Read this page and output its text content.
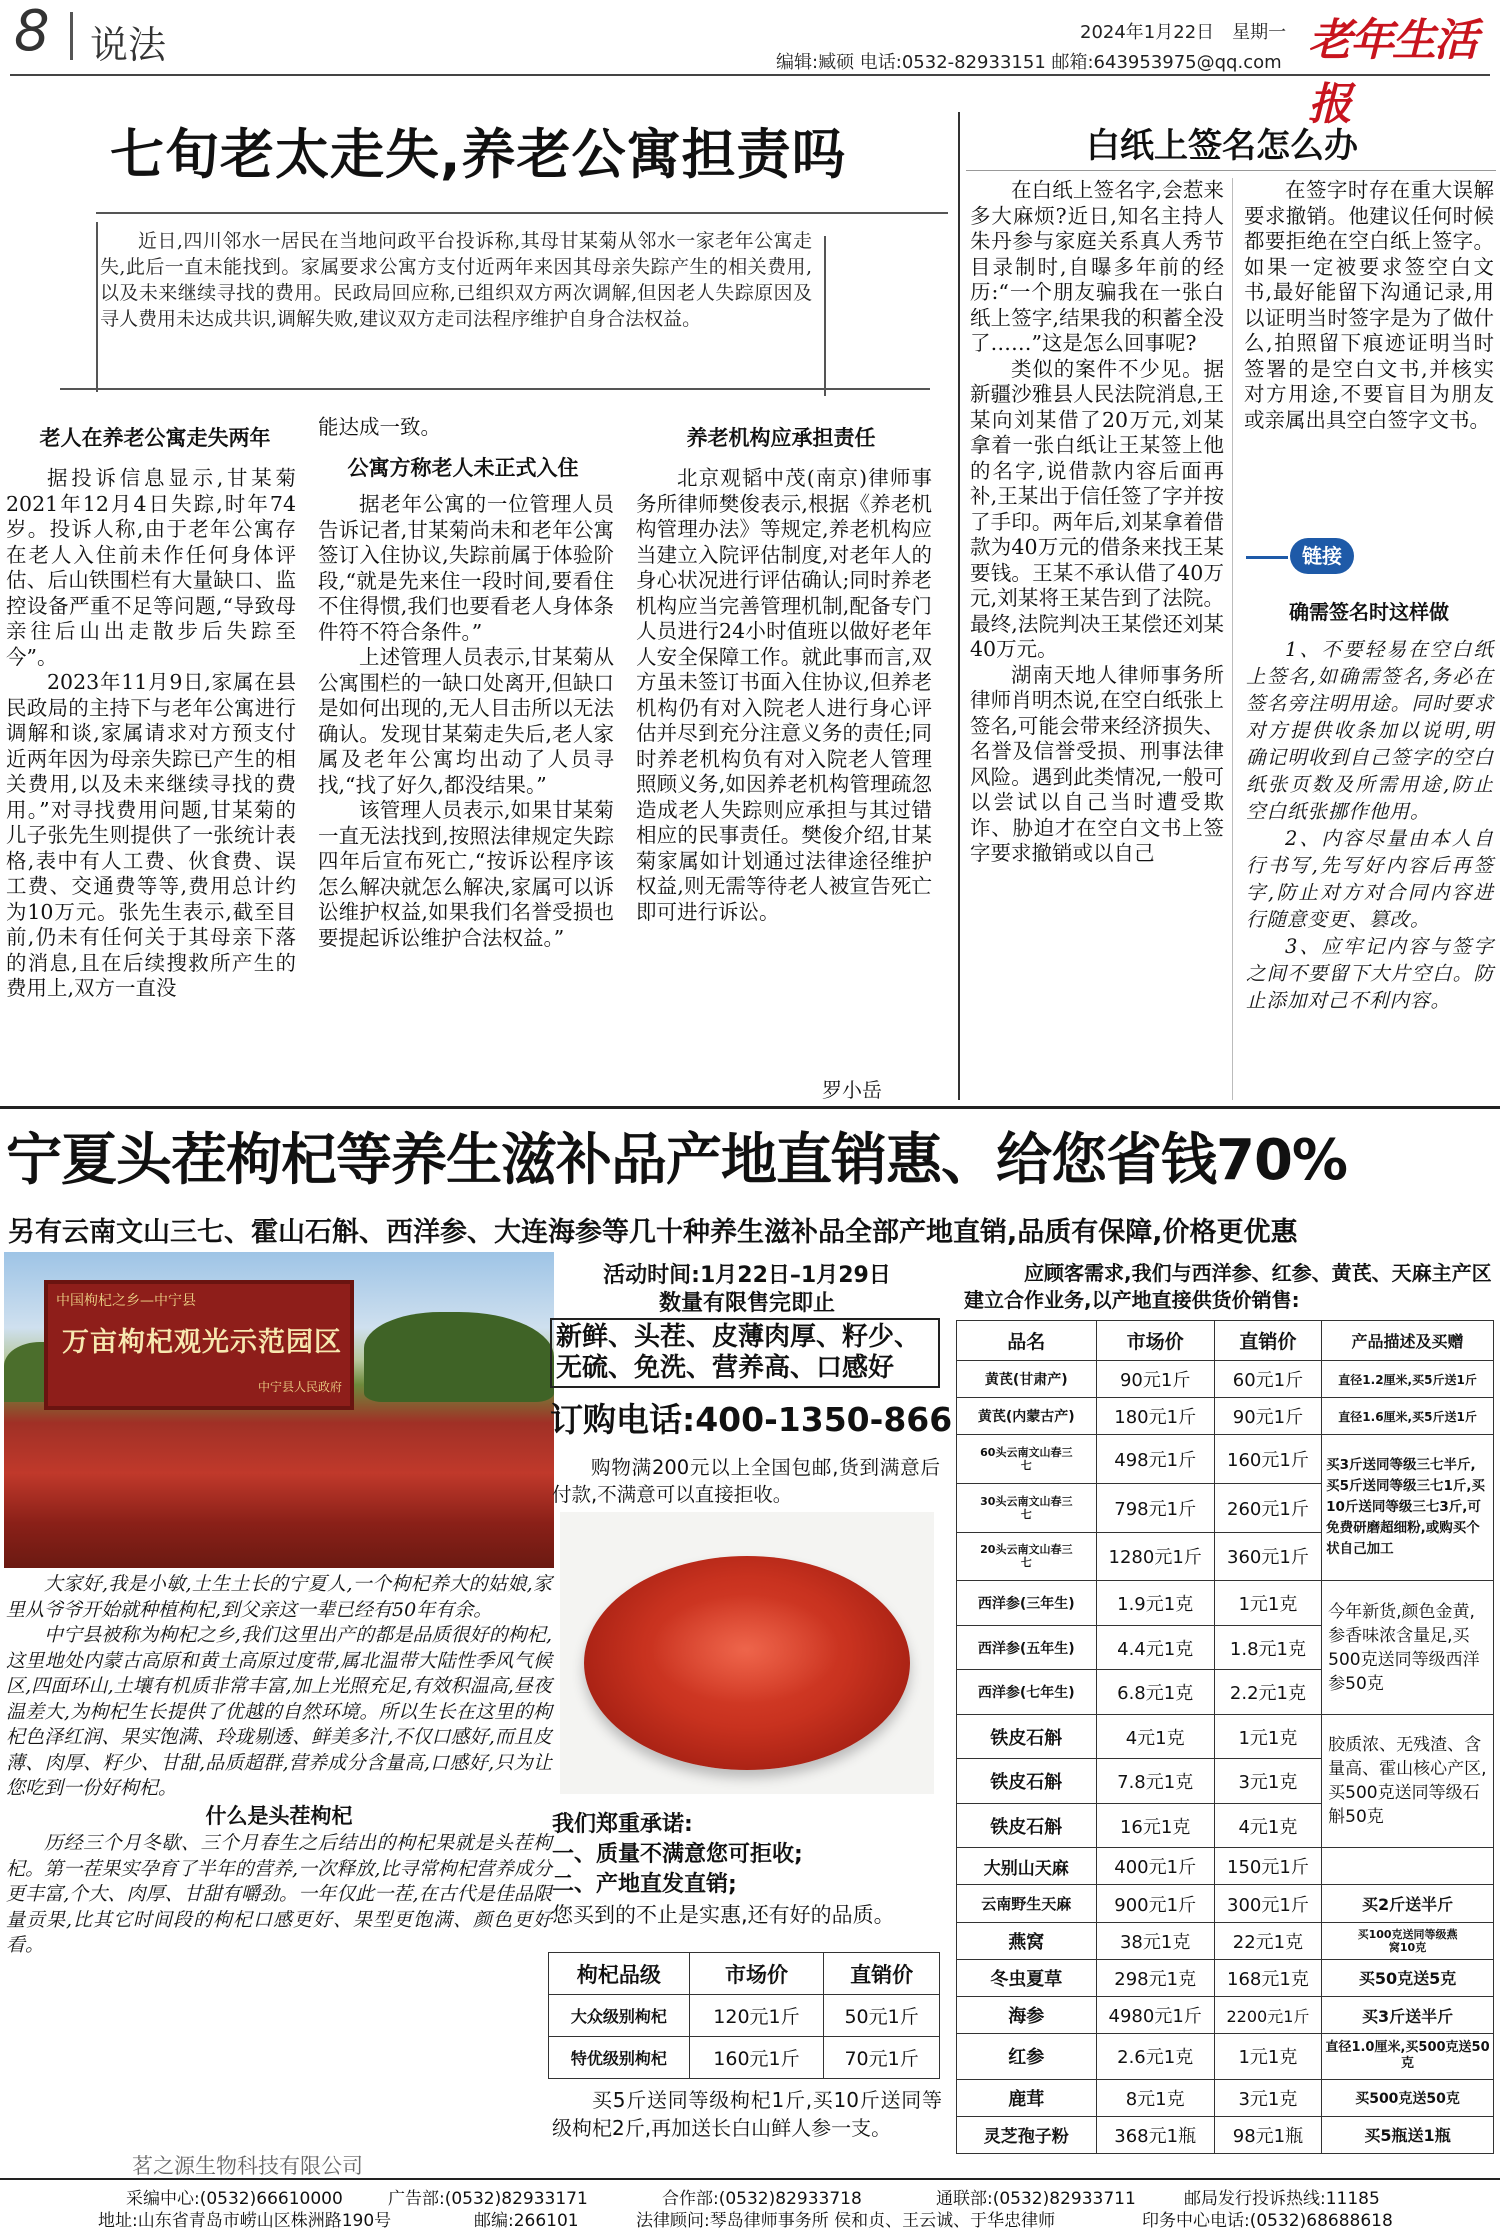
8 说法	2024年1月22日　星期一 老年生活报
编辑:臧硕 电话:0532-82933151 邮箱:643953975@qq.com
七旬老太走失,养老公寓担责吗
近日,四川邻水一居民在当地问政平台投诉称,其母甘某菊从邻水一家老年公寓走失,此后一直未能找到。家属要求公寓方支付近两年来因其母亲失踪产生的相关费用,以及未来继续寻找的费用。民政局回应称,已组织双方两次调解,但因老人失踪原因及寻人费用未达成共识,调解失败,建议双方走司法程序维护自身合法权益。
老人在养老公寓走失两年

据投诉信息显示,甘某菊2021年12月4日失踪,时年74岁。投诉人称,由于老年公寓存在老人入住前未作任何身体评估、后山铁围栏有大量缺口、监控设备严重不足等问题,“导致母亲往后山出走散步后失踪至今”。

2023年11月9日,家属在县民政局的主持下与老年公寓进行调解和谈,家属请求对方预支付近两年因为母亲失踪已产生的相关费用,以及未来继续寻找的费用。”对寻找费用问题,甘某菊的儿子张先生则提供了一张统计表格,表中有人工费、伙食费、误工费、交通费等等,费用总计约为10万元。张先生表示,截至目前,仍未有任何关于其母亲下落的消息,且在后续搜救所产生的费用上,双方一直没

能达成一致。
公寓方称老人未正式入住

据老年公寓的一位管理人员告诉记者,甘某菊尚未和老年公寓签订入住协议,失踪前属于体验阶段,“就是先来住一段时间,要看住不住得惯,我们也要看老人身体条件符不符合条件。”

上述管理人员表示,甘某菊从公寓围栏的一缺口处离开,但缺口是如何出现的,无人目击所以无法确认。发现甘某菊走失后,老人家属及老年公寓均出动了人员寻找,“找了好久,都没结果。”

该管理人员表示,如果甘某菊一直无法找到,按照法律规定失踪四年后宣布死亡,“按诉讼程序该怎么解决就怎么解决,家属可以诉讼维护权益,如果我们名誉受损也要提起诉讼维护合法权益。”

养老机构应承担责任

北京观韬中茂(南京)律师事务所律师樊俊表示,根据《养老机构管理办法》等规定,养老机构应当建立入院评估制度,对老年人的身心状况进行评估确认;同时养老机构应当完善管理机制,配备专门人员进行24小时值班以做好老年人安全保障工作。就此事而言,双方虽未签订书面入住协议,但养老机构仍有对入院老人进行身心评估并尽到充分注意义务的责任;同时养老机构负有对入院老人管理照顾义务,如因养老机构管理疏忽造成老人失踪则应承担与其过错相应的民事责任。樊俊介绍,甘某菊家属如计划通过法律途径维护权益,则无需等待老人被宣告死亡即可进行诉讼。

罗小岳
白纸上签名怎么办

在白纸上签名字,会惹来多大麻烦?近日,知名主持人朱丹参与家庭关系真人秀节目录制时,自曝多年前的经历:“一个朋友骗我在一张白纸上签字,结果我的积蓄全没了……”这是怎么回事呢?

类似的案件不少见。据新疆沙雅县人民法院消息,王某向刘某借了20万元,刘某拿着一张白纸让王某签上他的名字,说借款内容后面再补,王某出于信任签了字并按了手印。两年后,刘某拿着借款为40万元的借条来找王某要钱。王某不承认借了40万元,刘某将王某告到了法院。最终,法院判决王某偿还刘某40万元。

湖南天地人律师事务所律师肖明杰说,在空白纸张上签名,可能会带来经济损失、名誉及信誉受损、刑事法律风险。遇到此类情况,一般可以尝试以自己当时遭受欺诈、胁迫才在空白文书上签字要求撤销或以自己

在签字时存在重大误解要求撤销。他建议任何时候都要拒绝在空白纸上签字。如果一定被要求签空白文书,最好能留下沟通记录,用以证明当时签字是为了做什么,拍照留下痕迹证明当时签署的是空白文书,并核实对方用途,不要盲目为朋友或亲属出具空白签字文书。

链接
确需签名时这样做

1、不要轻易在空白纸上签名,如确需签名,务必在签名旁注明用途。同时要求对方提供收条加以说明,明确记明收到自己签字的空白纸张页数及所需用途,防止空白纸张挪作他用。

2、内容尽量由本人自行书写,先写好内容后再签字,防止对方对合同内容进行随意变更、篡改。

3、应牢记内容与签字之间不要留下大片空白。防止添加对己不利内容。

宁夏头茬枸杞等养生滋补品产地直销惠、给您省钱70%
另有云南文山三七、霍山石斛、西洋参、大连海参等几十种养生滋补品全部产地直销,品质有保障,价格更优惠
中国枸杞之乡—中宁县
万亩枸杞观光示范园区
中宁县人民政府

大家好,我是小敏,土生土长的宁夏人,一个枸杞养大的姑娘,家里从爷爷开始就种植枸杞,到父亲这一辈已经有50年有余。

中宁县被称为枸杞之乡,我们这里出产的都是品质很好的枸杞,这里地处内蒙古高原和黄土高原过度带,属北温带大陆性季风气候区,四面环山,土壤有机质非常丰富,加上光照充足,有效积温高,昼夜温差大,为枸杞生长提供了优越的自然环境。所以生长在这里的枸杞色泽红润、果实饱满、玲珑剔透、鲜美多汁,不仅口感好,而且皮薄、肉厚、籽少、甘甜,品质超群,营养成分含量高,口感好,只为让您吃到一份好枸杞。

什么是头茬枸杞

历经三个月冬歇、三个月春生之后结出的枸杞果就是头茬枸杞。第一茬果实孕育了半年的营养,一次释放,比寻常枸杞营养成分更丰富,个大、肉厚、甘甜有嚼劲。一年仅此一茬,在古代是佳品限量贡果,比其它时间段的枸杞口感更好、果型更饱满、颜色更好看。

茗之源生物科技有限公司
活动时间:1月22日–1月29日
数量有限售完即止
新鲜、头茬、皮薄肉厚、籽少、无硫、免洗、营养高、口感好
订购电话:400-1350-866
购物满200元以上全国包邮,货到满意后付款,不满意可以直接拒收。
我们郑重承诺:
一、质量不满意您可拒收;
二、产地直发直销;
您买到的不止是实惠,还有好的品质。
枸杞品级	市场价	直销价
大众级别枸杞	120元1斤	50元1斤
特优级别枸杞	160元1斤	70元1斤
买5斤送同等级枸杞1斤,买10斤送同等级枸杞2斤,再加送长白山鲜人参一支。
应顾客需求,我们与西洋参、红参、黄芪、天麻主产区建立合作业务,以产地直接供货价销售:
品名	市场价	直销价	产品描述及买赠
黄芪(甘肃产)	90元1斤	60元1斤	直径1.2厘米,买5斤送1斤
黄芪(内蒙古产)	180元1斤	90元1斤	直径1.6厘米,买5斤送1斤
60头云南文山春三七	498元1斤	160元1斤	买3斤送同等级三七半斤,买5斤送同等级三七1斤,买10斤送同等级三七3斤,可免费研磨超细粉,或购买个状自己加工
30头云南文山春三七	798元1斤	260元1斤	
20头云南文山春三七	1280元1斤	360元1斤	
西洋参(三年生)	1.9元1克	1元1克	今年新货,颜色金黄,参香味浓含量足,买500克送同等级西洋参50克
西洋参(五年生)	4.4元1克	1.8元1克	
西洋参(七年生)	6.8元1克	2.2元1克	
铁皮石斛	4元1克	1元1克	胶质浓、无残渣、含量高、霍山核心产区,买500克送同等级石斛50克
铁皮石斛	7.8元1克	3元1克	
铁皮石斛	16元1克	4元1克	
大别山天麻	400元1斤	150元1斤	
云南野生天麻	900元1斤	300元1斤	买2斤送半斤
燕窝	38元1克	22元1克	买100克送同等级燕窝10克
冬虫夏草	298元1克	168元1克	买50克送5克
海参	4980元1斤	2200元1斤	买3斤送半斤
红参	2.6元1克	1元1克	直径1.0厘米,买500克送50克
鹿茸	8元1克	3元1克	买500克送50克
灵芝孢子粉	368元1瓶	98元1瓶	买5瓶送1瓶
采编中心:(0532)66610000	广告部:(0532)82933171	合作部:(0532)82933718	通联部:(0532)82933711	邮局发行投诉热线:11185
地址:山东省青岛市崂山区株洲路190号	邮编:266101	法律顾问:琴岛律师事务所 侯和贞、王云诚、于华忠律师	印务中心电话:(0532)68688618
